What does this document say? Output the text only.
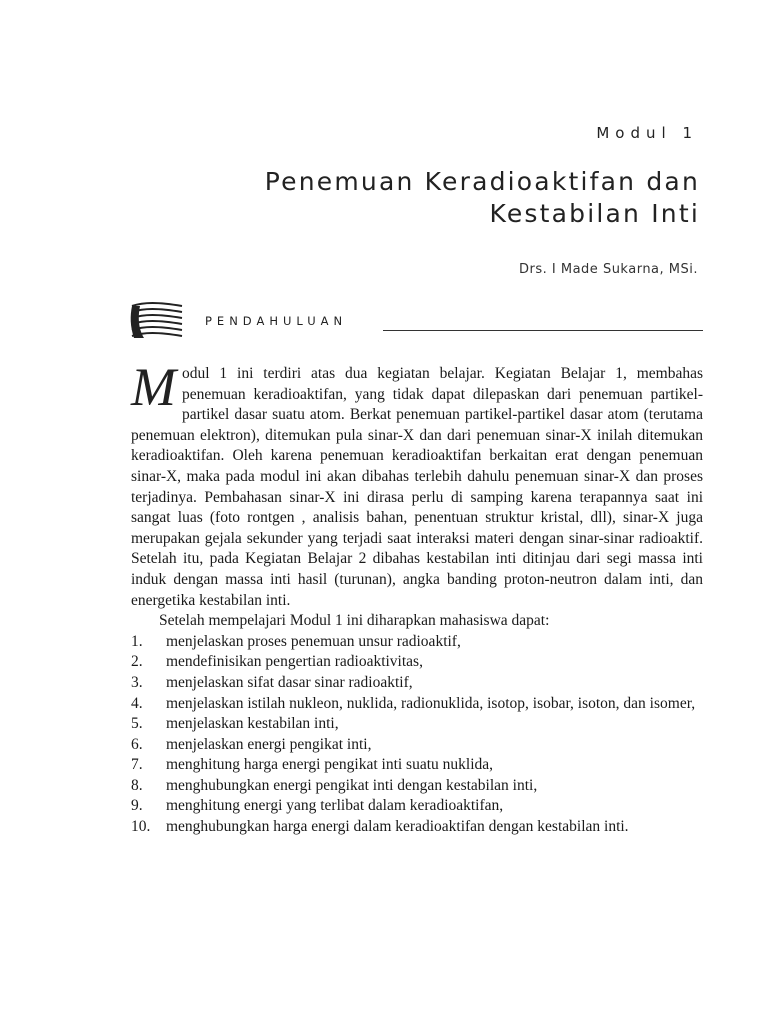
Modul 1
Penemuan Keradioaktifan dan
Kestabilan Inti
Drs. I Made Sukarna, MSi.
PENDAHULUAN
M odul 1 ini terdiri atas dua kegiatan belajar. Kegiatan Belajar 1, membahas penemuan keradioaktifan, yang tidak dapat dilepaskan dari penemuan partikel-partikel dasar suatu atom. Berkat penemuan partikel-partikel dasar atom (terutama penemuan elektron), ditemukan pula sinar-X dan dari penemuan sinar-X inilah ditemukan keradioaktifan. Oleh karena penemuan keradioaktifan berkaitan erat dengan penemuan sinar-X, maka pada modul ini akan dibahas terlebih dahulu penemuan sinar-X dan proses terjadinya. Pembahasan sinar-X ini dirasa perlu di samping karena terapannya saat ini sangat luas (foto rontgen , analisis bahan, penentuan struktur kristal, dll), sinar-X juga merupakan gejala sekunder yang terjadi saat interaksi materi dengan sinar-sinar radioaktif. Setelah itu, pada Kegiatan Belajar 2 dibahas kestabilan inti ditinjau dari segi massa inti induk dengan massa inti hasil (turunan), angka banding proton-neutron dalam inti, dan energetika kestabilan inti.

Setelah mempelajari Modul 1 ini diharapkan mahasiswa dapat:

1. menjelaskan proses penemuan unsur radioaktif,
2. mendefinisikan pengertian radioaktivitas,
3. menjelaskan sifat dasar sinar radioaktif,
4. menjelaskan istilah nukleon, nuklida, radionuklida, isotop, isobar, isoton, dan isomer,
5. menjelaskan kestabilan inti,
6. menjelaskan energi pengikat inti,
7. menghitung harga energi pengikat inti suatu nuklida,
8. menghubungkan energi pengikat inti dengan kestabilan inti,
9. menghitung energi yang terlibat dalam keradioaktifan,
10. menghubungkan harga energi dalam keradioaktifan dengan kestabilan inti.
